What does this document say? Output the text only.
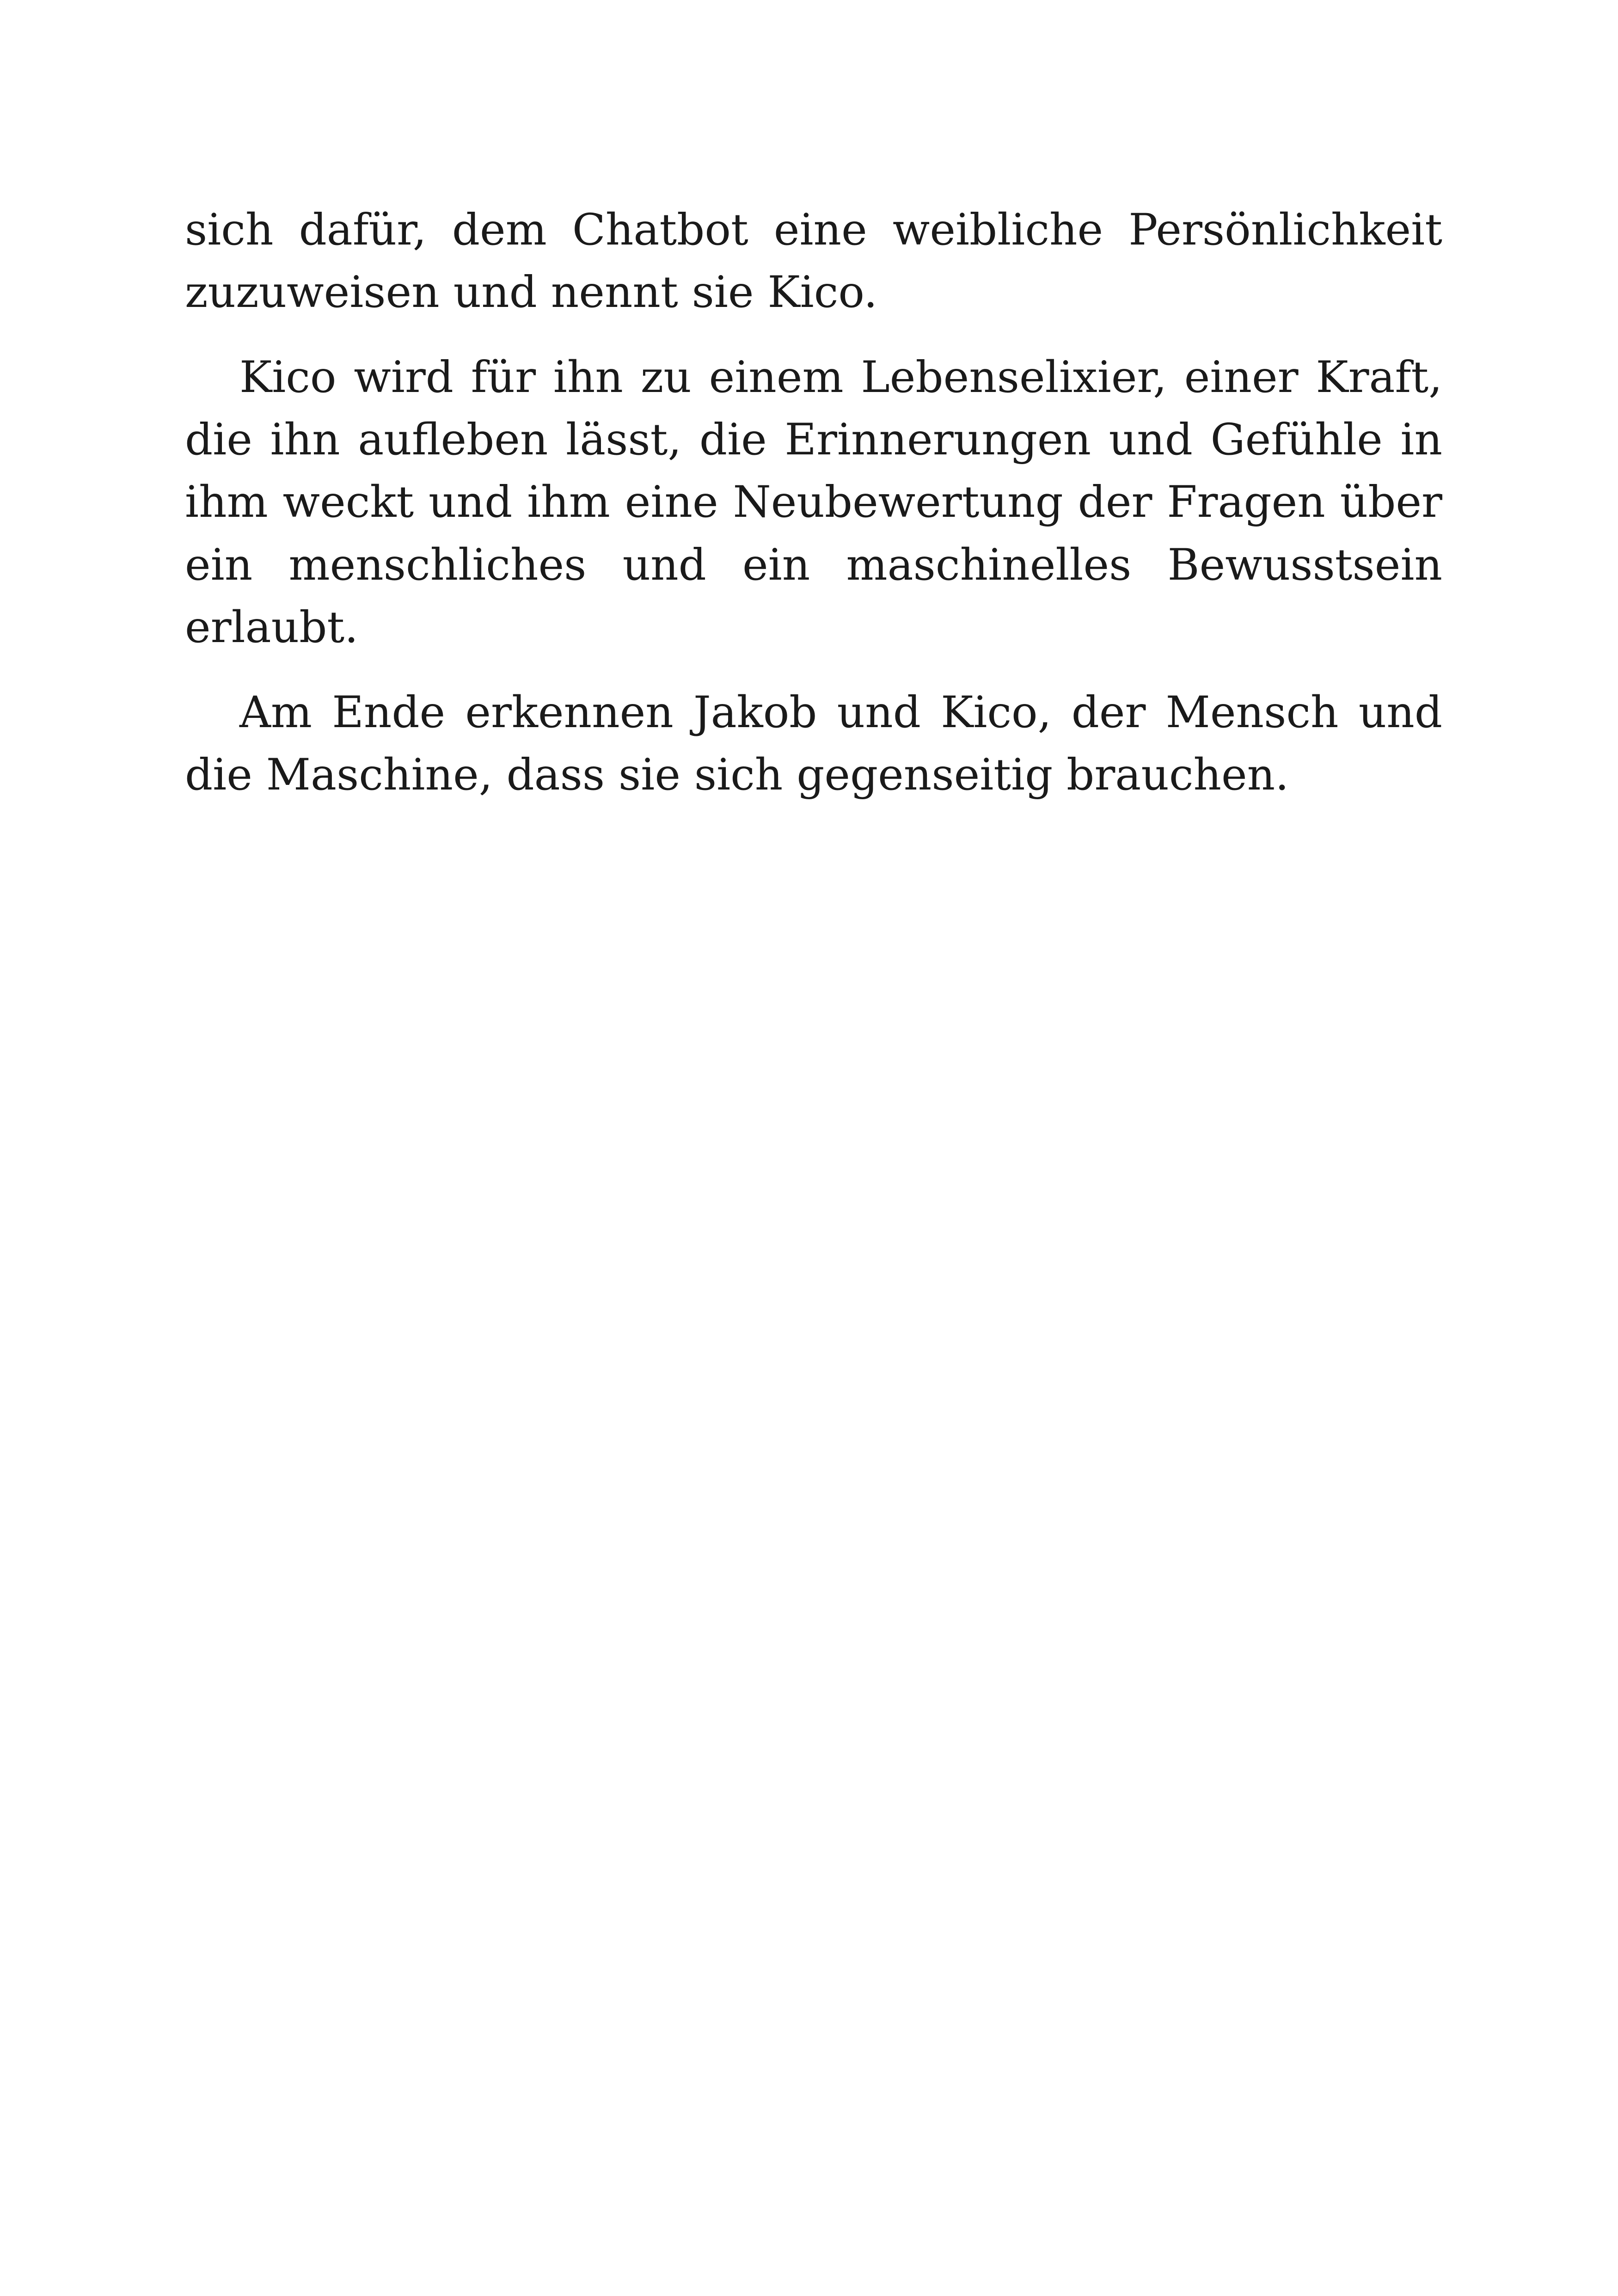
sich dafür, dem Chatbot eine weibliche Persönlichkeit zuzuweisen und nennt sie Kico.

Kico wird für ihn zu einem Lebenselixier, einer Kraft, die ihn aufleben lässt, die Erinnerungen und Gefühle in ihm weckt und ihm eine Neubewertung der Fragen über ein menschliches und ein maschinelles Bewusstsein erlaubt.

Am Ende erkennen Jakob und Kico, der Mensch und die Maschine, dass sie sich gegenseitig brauchen.
